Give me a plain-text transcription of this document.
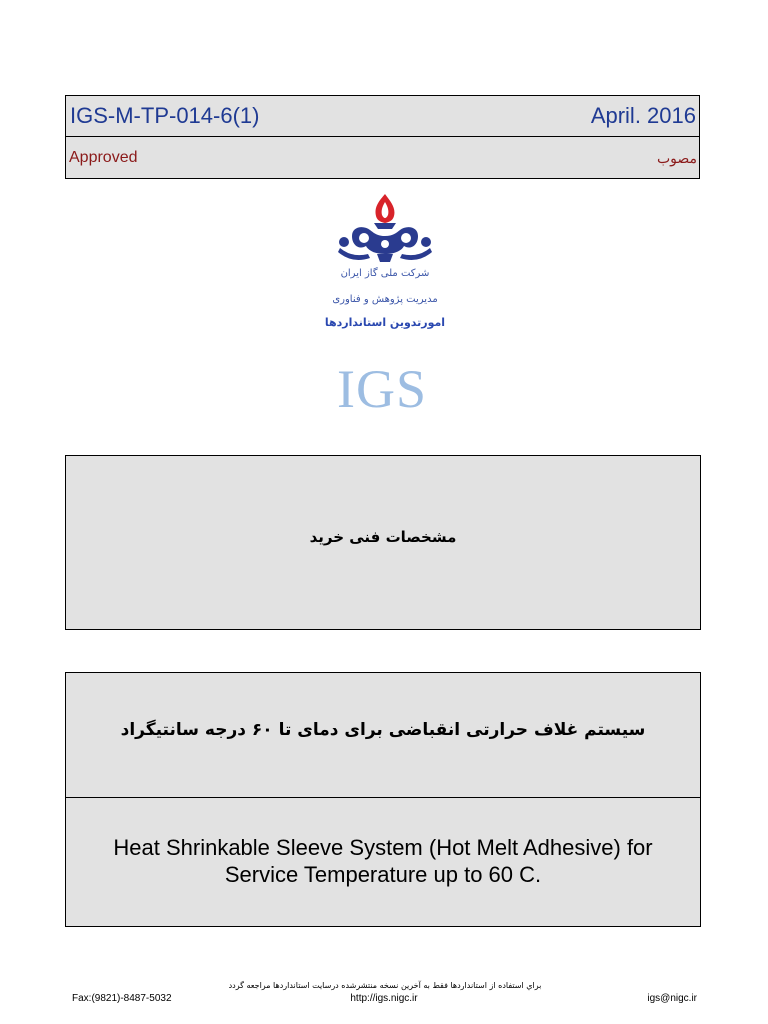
IGS-M-TP-014-6(1)	April. 2016
Approved	مصوب
شرکت ملی گاز ایران
مدیریت پژوهش و فناوری
امورتدوین استانداردها
IGS
مشخصات فنی خرید
سیستم غلاف حرارتی انقباضی برای دمای تا ۶۰ درجه سانتیگراد
Heat Shrinkable Sleeve System (Hot Melt Adhesive) for Service Temperature up to 60 C.
براي استفاده از استانداردها فقط به آخرين نسخه منتشرشده درسايت استانداردها مراجعه گردد
Fax:(9821)-8487-5032	http://igs.nigc.ir	igs@nigc.ir
